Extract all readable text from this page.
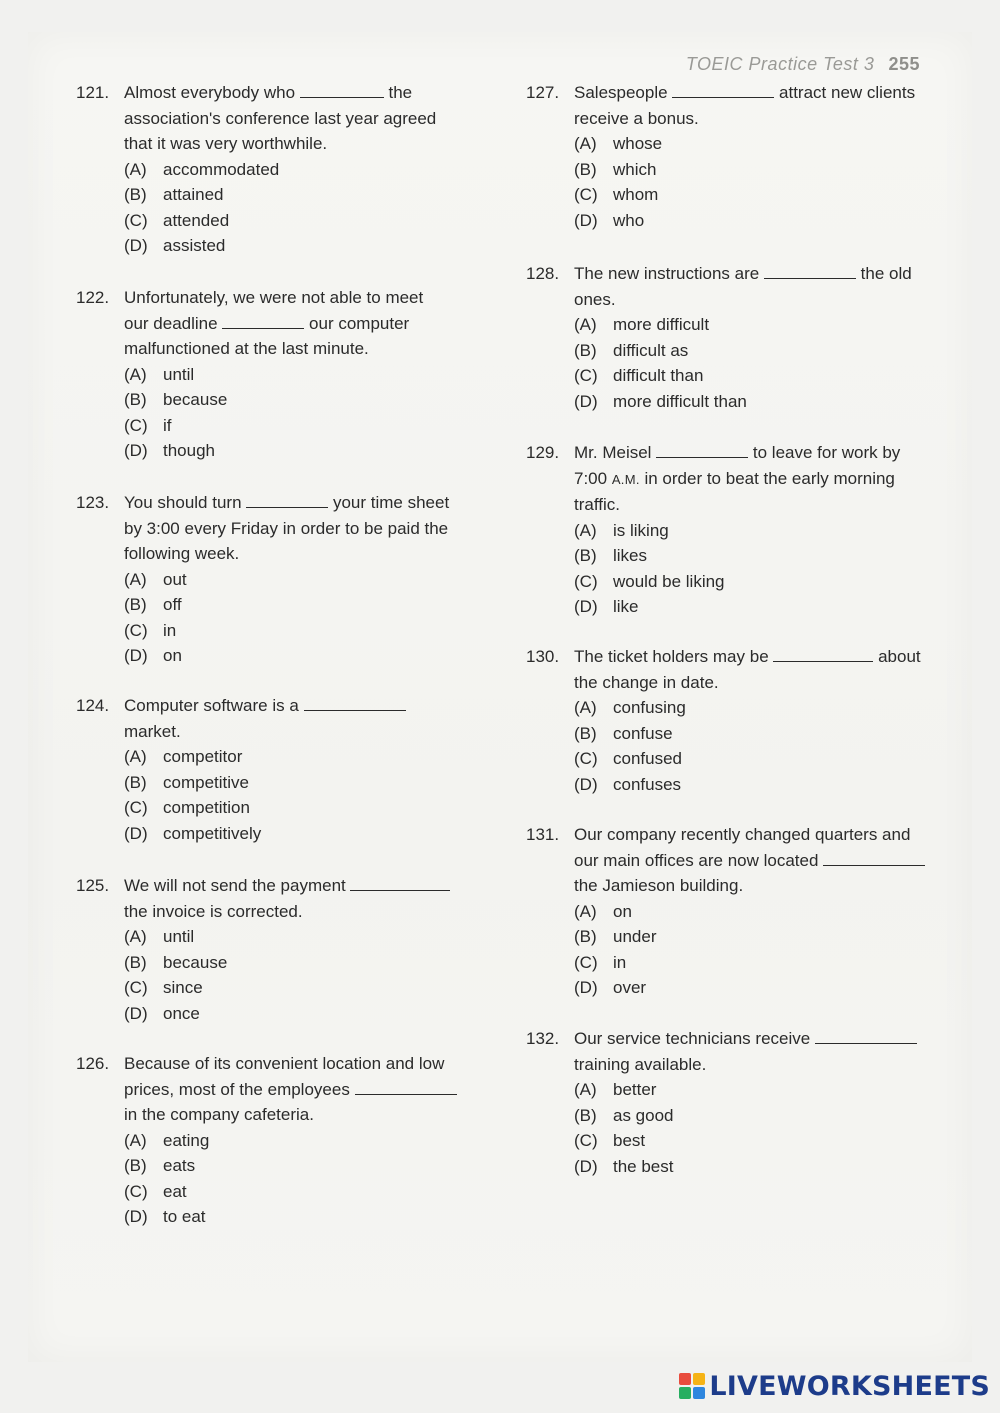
TOEIC Practice Test 3 255
121. Almost everybody who	the
association's conference last year agreed
that it was very worthwhile.
(A) accommodated
(B) attained
(C) attended
(D) assisted
122. Unfortunately, we were not able to meet
our deadline	our computer
malfunctioned at the last minute.
(A) until
(B) because
(C) if
(D) though
123. You should turn	your time sheet
by 3:00 every Friday in order to be paid the
following week.
(A) out
(B) off
(C) in
(D) on
124. Computer software is a
market.
(A) competitor
(B) competitive
(C) competition
(D) competitively
125. We will not send the payment
the invoice is corrected.
(A) until
(B) because
(C) since
(D) once
126. Because of its convenient location and low
prices, most of the employees
in the company cafeteria.
(A) eating
(B) eats
(C) eat
(D) to eat
127. Salespeople	attract new clients
receive a bonus.
(A) whose
(B) which
(C) whom
(D) who
128. The new instructions are	the old
ones.
(A) more difficult
(B) difficult as
(C) difficult than
(D) more difficult than
129. Mr. Meisel	to leave for work by
7:00 A.M. in order to beat the early morning
traffic.
(A) is liking
(B) likes
(C) would be liking
(D) like
130. The ticket holders may be	about
the change in date.
(A) confusing
(B) confuse
(C) confused
(D) confuses
131. Our company recently changed quarters and
our main offices are now located
the Jamieson building.
(A) on
(B) under
(C) in
(D) over
132. Our service technicians receive
training available.
(A) better
(B) as good
(C) best
(D) the best
LIVEWORKSHEETS
